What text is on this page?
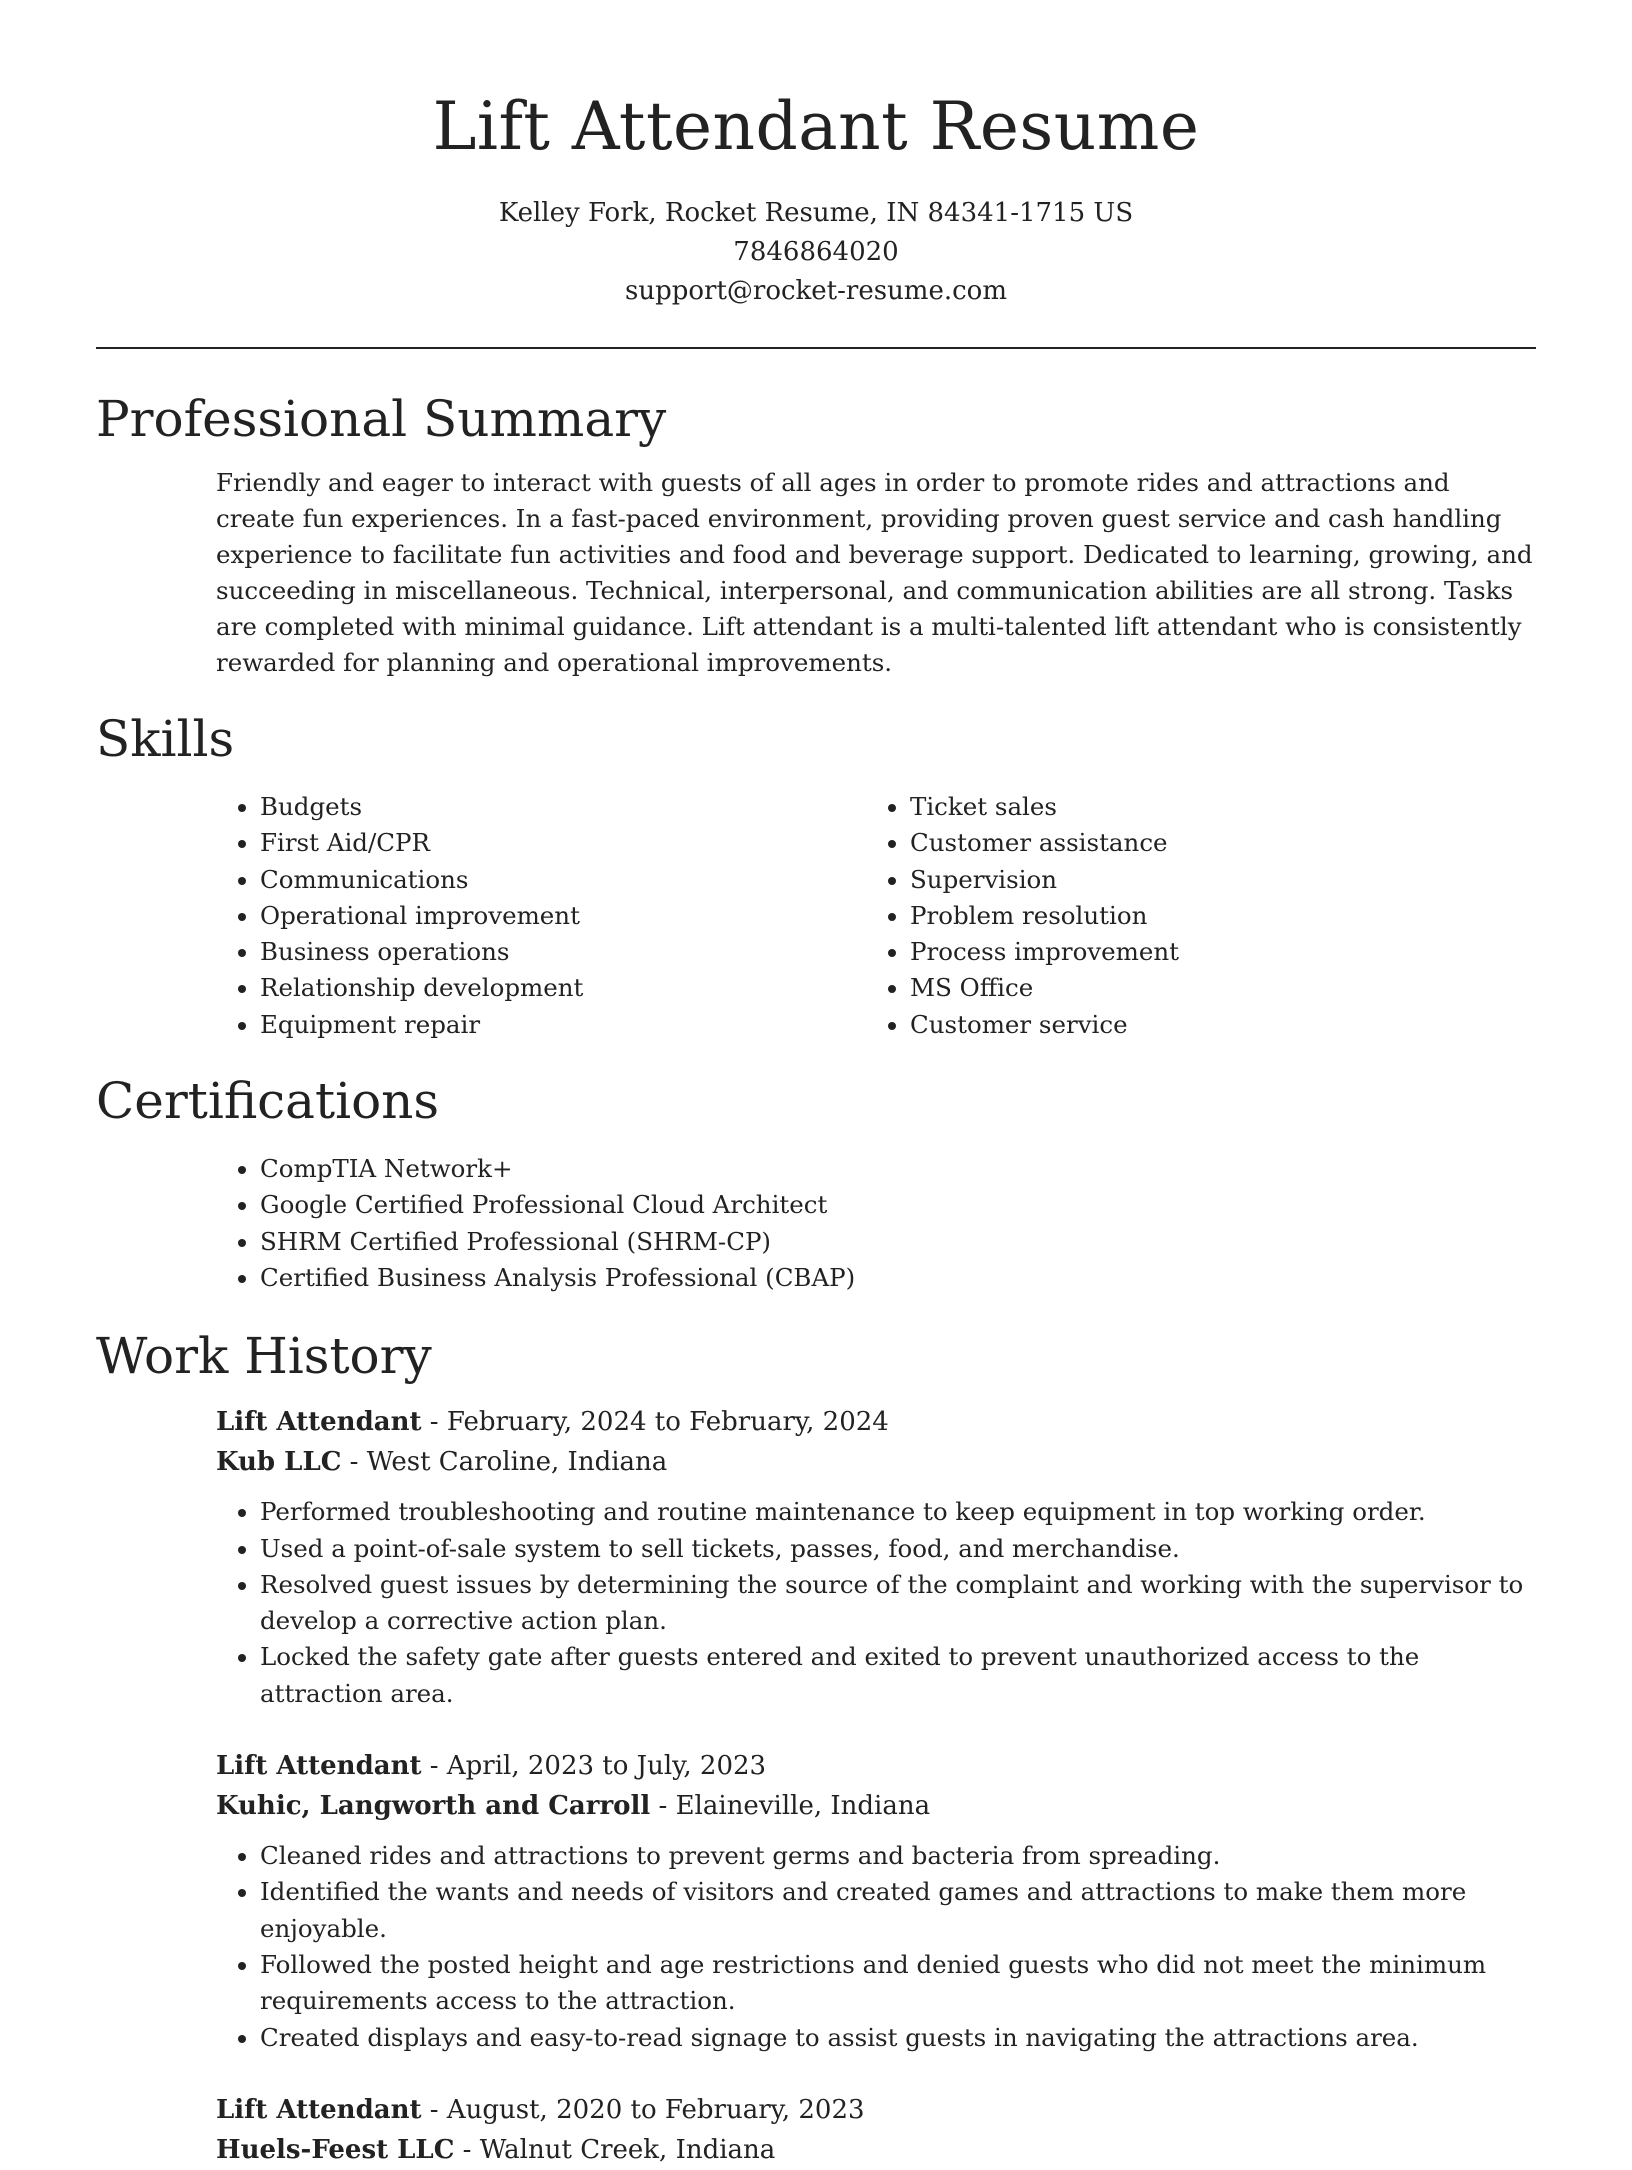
Lift Attendant Resume
Kelley Fork, Rocket Resume, IN 84341-1715 US
7846864020
support@rocket-resume.com
Professional Summary

Friendly and eager to interact with guests of all ages in order to promote rides and attractions and create fun experiences. In a fast-paced environment, providing proven guest service and cash handling experience to facilitate fun activities and food and beverage support. Dedicated to learning, growing, and succeeding in miscellaneous. Technical, interpersonal, and communication abilities are all strong. Tasks are completed with minimal guidance. Lift attendant is a multi-talented lift attendant who is consistently rewarded for planning and operational improvements.

Skills
• Budgets
• First Aid/CPR
• Communications
• Operational improvement
• Business operations
• Relationship development
• Equipment repair
• Ticket sales
• Customer assistance
• Supervision
• Problem resolution
• Process improvement
• MS Office
• Customer service
Certifications
• CompTIA Network+
• Google Certified Professional Cloud Architect
• SHRM Certified Professional (SHRM-CP)
• Certified Business Analysis Professional (CBAP)
Work History
Lift Attendant - February, 2024 to February, 2024
Kub LLC - West Caroline, Indiana
• Performed troubleshooting and routine maintenance to keep equipment in top working order.
• Used a point-of-sale system to sell tickets, passes, food, and merchandise.
• Resolved guest issues by determining the source of the complaint and working with the supervisor to develop a corrective action plan.
• Locked the safety gate after guests entered and exited to prevent unauthorized access to the attraction area.
Lift Attendant - April, 2023 to July, 2023
Kuhic, Langworth and Carroll - Elaineville, Indiana
• Cleaned rides and attractions to prevent germs and bacteria from spreading.
• Identified the wants and needs of visitors and created games and attractions to make them more enjoyable.
• Followed the posted height and age restrictions and denied guests who did not meet the minimum requirements access to the attraction.
• Created displays and easy-to-read signage to assist guests in navigating the attractions area.
Lift Attendant - August, 2020 to February, 2023
Huels-Feest LLC - Walnut Creek, Indiana
